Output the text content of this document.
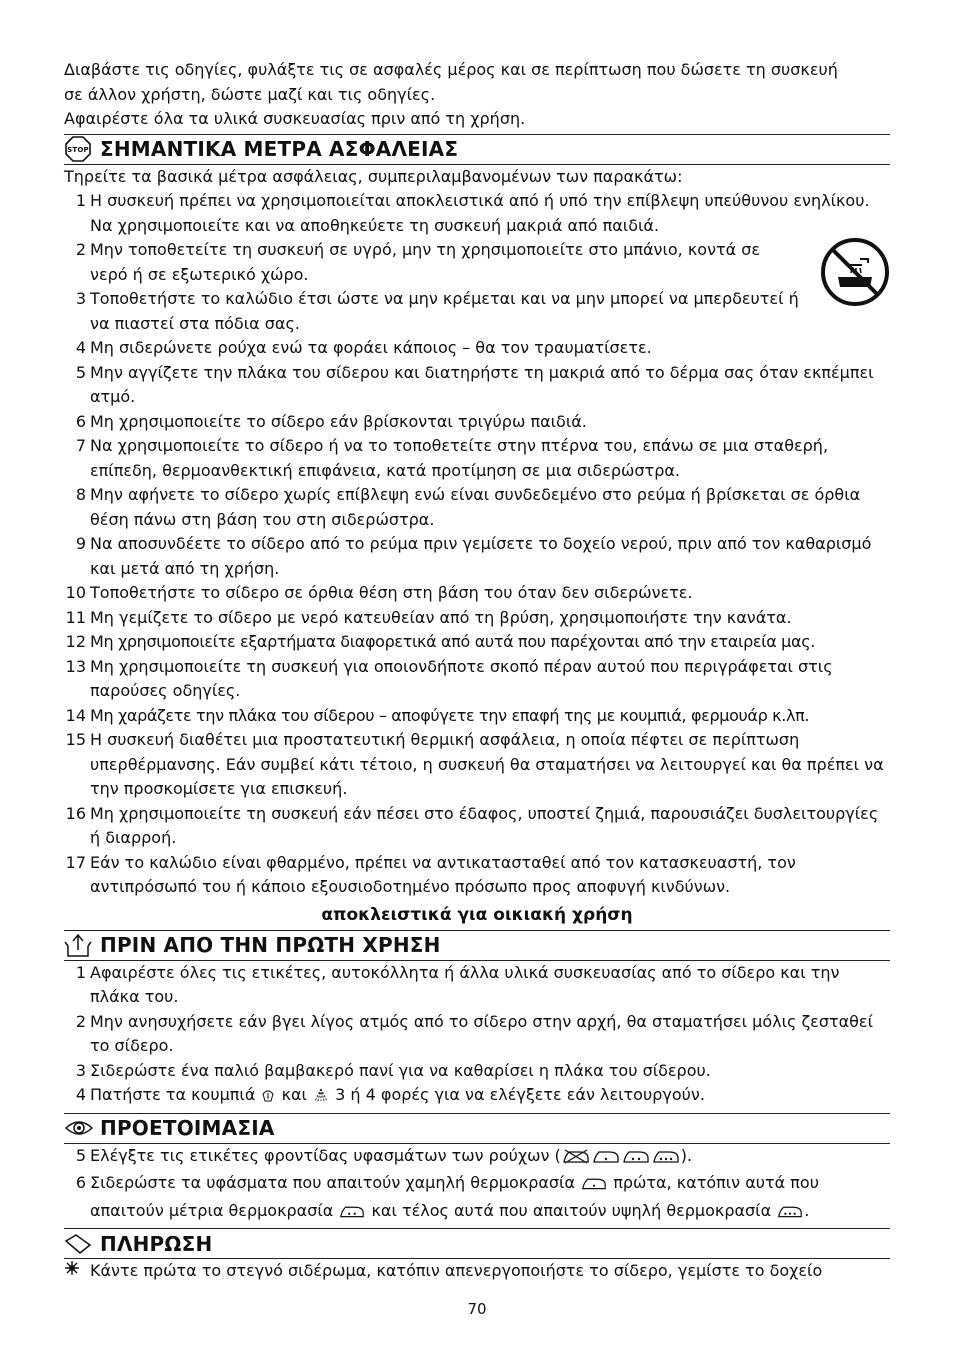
Διαβάστε τις οδηγίες, φυλάξτε τις σε ασφαλές μέρος και σε περίπτωση που δώσετε τη συσκευή

σε άλλον χρήστη, δώστε μαζί και τις οδηγίες.

Αφαιρέστε όλα τα υλικά συσκευασίας πριν από τη χρήση.

STOP ΣΗΜΑΝΤΙΚΑ ΜΕΤΡΑ ΑΣΦΑΛΕΙΑΣ

Τηρείτε τα βασικά μέτρα ασφάλειας, συμπεριλαμβανομένων των παρακάτω:

1 Η συσκευή πρέπει να χρησιμοποιείται αποκλειστικά από ή υπό την επίβλεψη υπεύθυνου ενηλίκου. Να χρησιμοποιείτε και να αποθηκεύετε τη συσκευή μακριά από παιδιά.
2 Μην τοποθετείτε τη συσκευή σε υγρό, μην τη χρησιμοποιείτε στο μπάνιο, κοντά σε νερό ή σε εξωτερικό χώρο.
3 Τοποθετήστε το καλώδιο έτσι ώστε να μην κρέμεται και να μην μπορεί να μπερδευτεί ή να πιαστεί στα πόδια σας.
4 Μη σιδερώνετε ρούχα ενώ τα φοράει κάποιος – θα τον τραυματίσετε.
5 Μην αγγίζετε την πλάκα του σίδερου και διατηρήστε τη μακριά από το δέρμα σας όταν εκπέμπει ατμό.
6 Μη χρησιμοποιείτε το σίδερο εάν βρίσκονται τριγύρω παιδιά.
7 Να χρησιμοποιείτε το σίδερο ή να το τοποθετείτε στην πτέρνα του, επάνω σε μια σταθερή, επίπεδη, θερμοανθεκτική επιφάνεια, κατά προτίμηση σε μια σιδερώστρα.
8 Μην αφήνετε το σίδερο χωρίς επίβλεψη ενώ είναι συνδεδεμένο στο ρεύμα ή βρίσκεται σε όρθια θέση πάνω στη βάση του στη σιδερώστρα.
9 Να αποσυνδέετε το σίδερο από το ρεύμα πριν γεμίσετε το δοχείο νερού, πριν από τον καθαρισμό και μετά από τη χρήση.
10 Τοποθετήστε το σίδερο σε όρθια θέση στη βάση του όταν δεν σιδερώνετε.
11 Μη γεμίζετε το σίδερο με νερό κατευθείαν από τη βρύση, χρησιμοποιήστε την κανάτα.
12 Μη χρησιμοποιείτε εξαρτήματα διαφορετικά από αυτά που παρέχονται από την εταιρεία μας.
13 Μη χρησιμοποιείτε τη συσκευή για οποιονδήποτε σκοπό πέραν αυτού που περιγράφεται στις παρούσες οδηγίες.
14 Μη χαράζετε την πλάκα του σίδερου – αποφύγετε την επαφή της με κουμπιά, φερμουάρ κ.λπ.
15 Η συσκευή διαθέτει μια προστατευτική θερμική ασφάλεια, η οποία πέφτει σε περίπτωση υπερθέρμανσης. Εάν συμβεί κάτι τέτοιο, η συσκευή θα σταματήσει να λειτουργεί και θα πρέπει να την προσκομίσετε για επισκευή.
16 Μη χρησιμοποιείτε τη συσκευή εάν πέσει στο έδαφος, υποστεί ζημιά, παρουσιάζει δυσλειτουργίες ή διαρροή.
17 Εάν το καλώδιο είναι φθαρμένο, πρέπει να αντικατασταθεί από τον κατασκευαστή, τον αντιπρόσωπό του ή κάποιο εξουσιοδοτημένο πρόσωπο προς αποφυγή κινδύνων.
αποκλειστικά για οικιακή χρήση
ΠΡΙΝ ΑΠΟ ΤΗΝ ΠΡΩΤΗ ΧΡΗΣΗ
1 Αφαιρέστε όλες τις ετικέτες, αυτοκόλλητα ή άλλα υλικά συσκευασίας από το σίδερο και την πλάκα του.
2 Μην ανησυχήσετε εάν βγει λίγος ατμός από το σίδερο στην αρχή, θα σταματήσει μόλις ζεσταθεί το σίδερο.
3 Σιδερώστε ένα παλιό βαμβακερό πανί για να καθαρίσει η πλάκα του σίδερου.
4 Πατήστε τα κουμπιά και 3 ή 4 φορές για να ελέγξετε εάν λειτουργούν.
ΠΡΟΕΤΟΙΜΑΣΙΑ
5 Ελέγξτε τις ετικέτες φροντίδας υφασμάτων των ρούχων (	).
6 Σιδερώστε τα υφάσματα που απαιτούν χαμηλή θερμοκρασία πρώτα, κατόπιν αυτά που απαιτούν μέτρια θερμοκρασία και τέλος αυτά που απαιτούν υψηλή θερμοκρασία .
ΠΛΗΡΩΣΗ
Κάντε πρώτα το στεγνό σιδέρωμα, κατόπιν απενεργοποιήστε το σίδερο, γεμίστε το δοχείο
70
